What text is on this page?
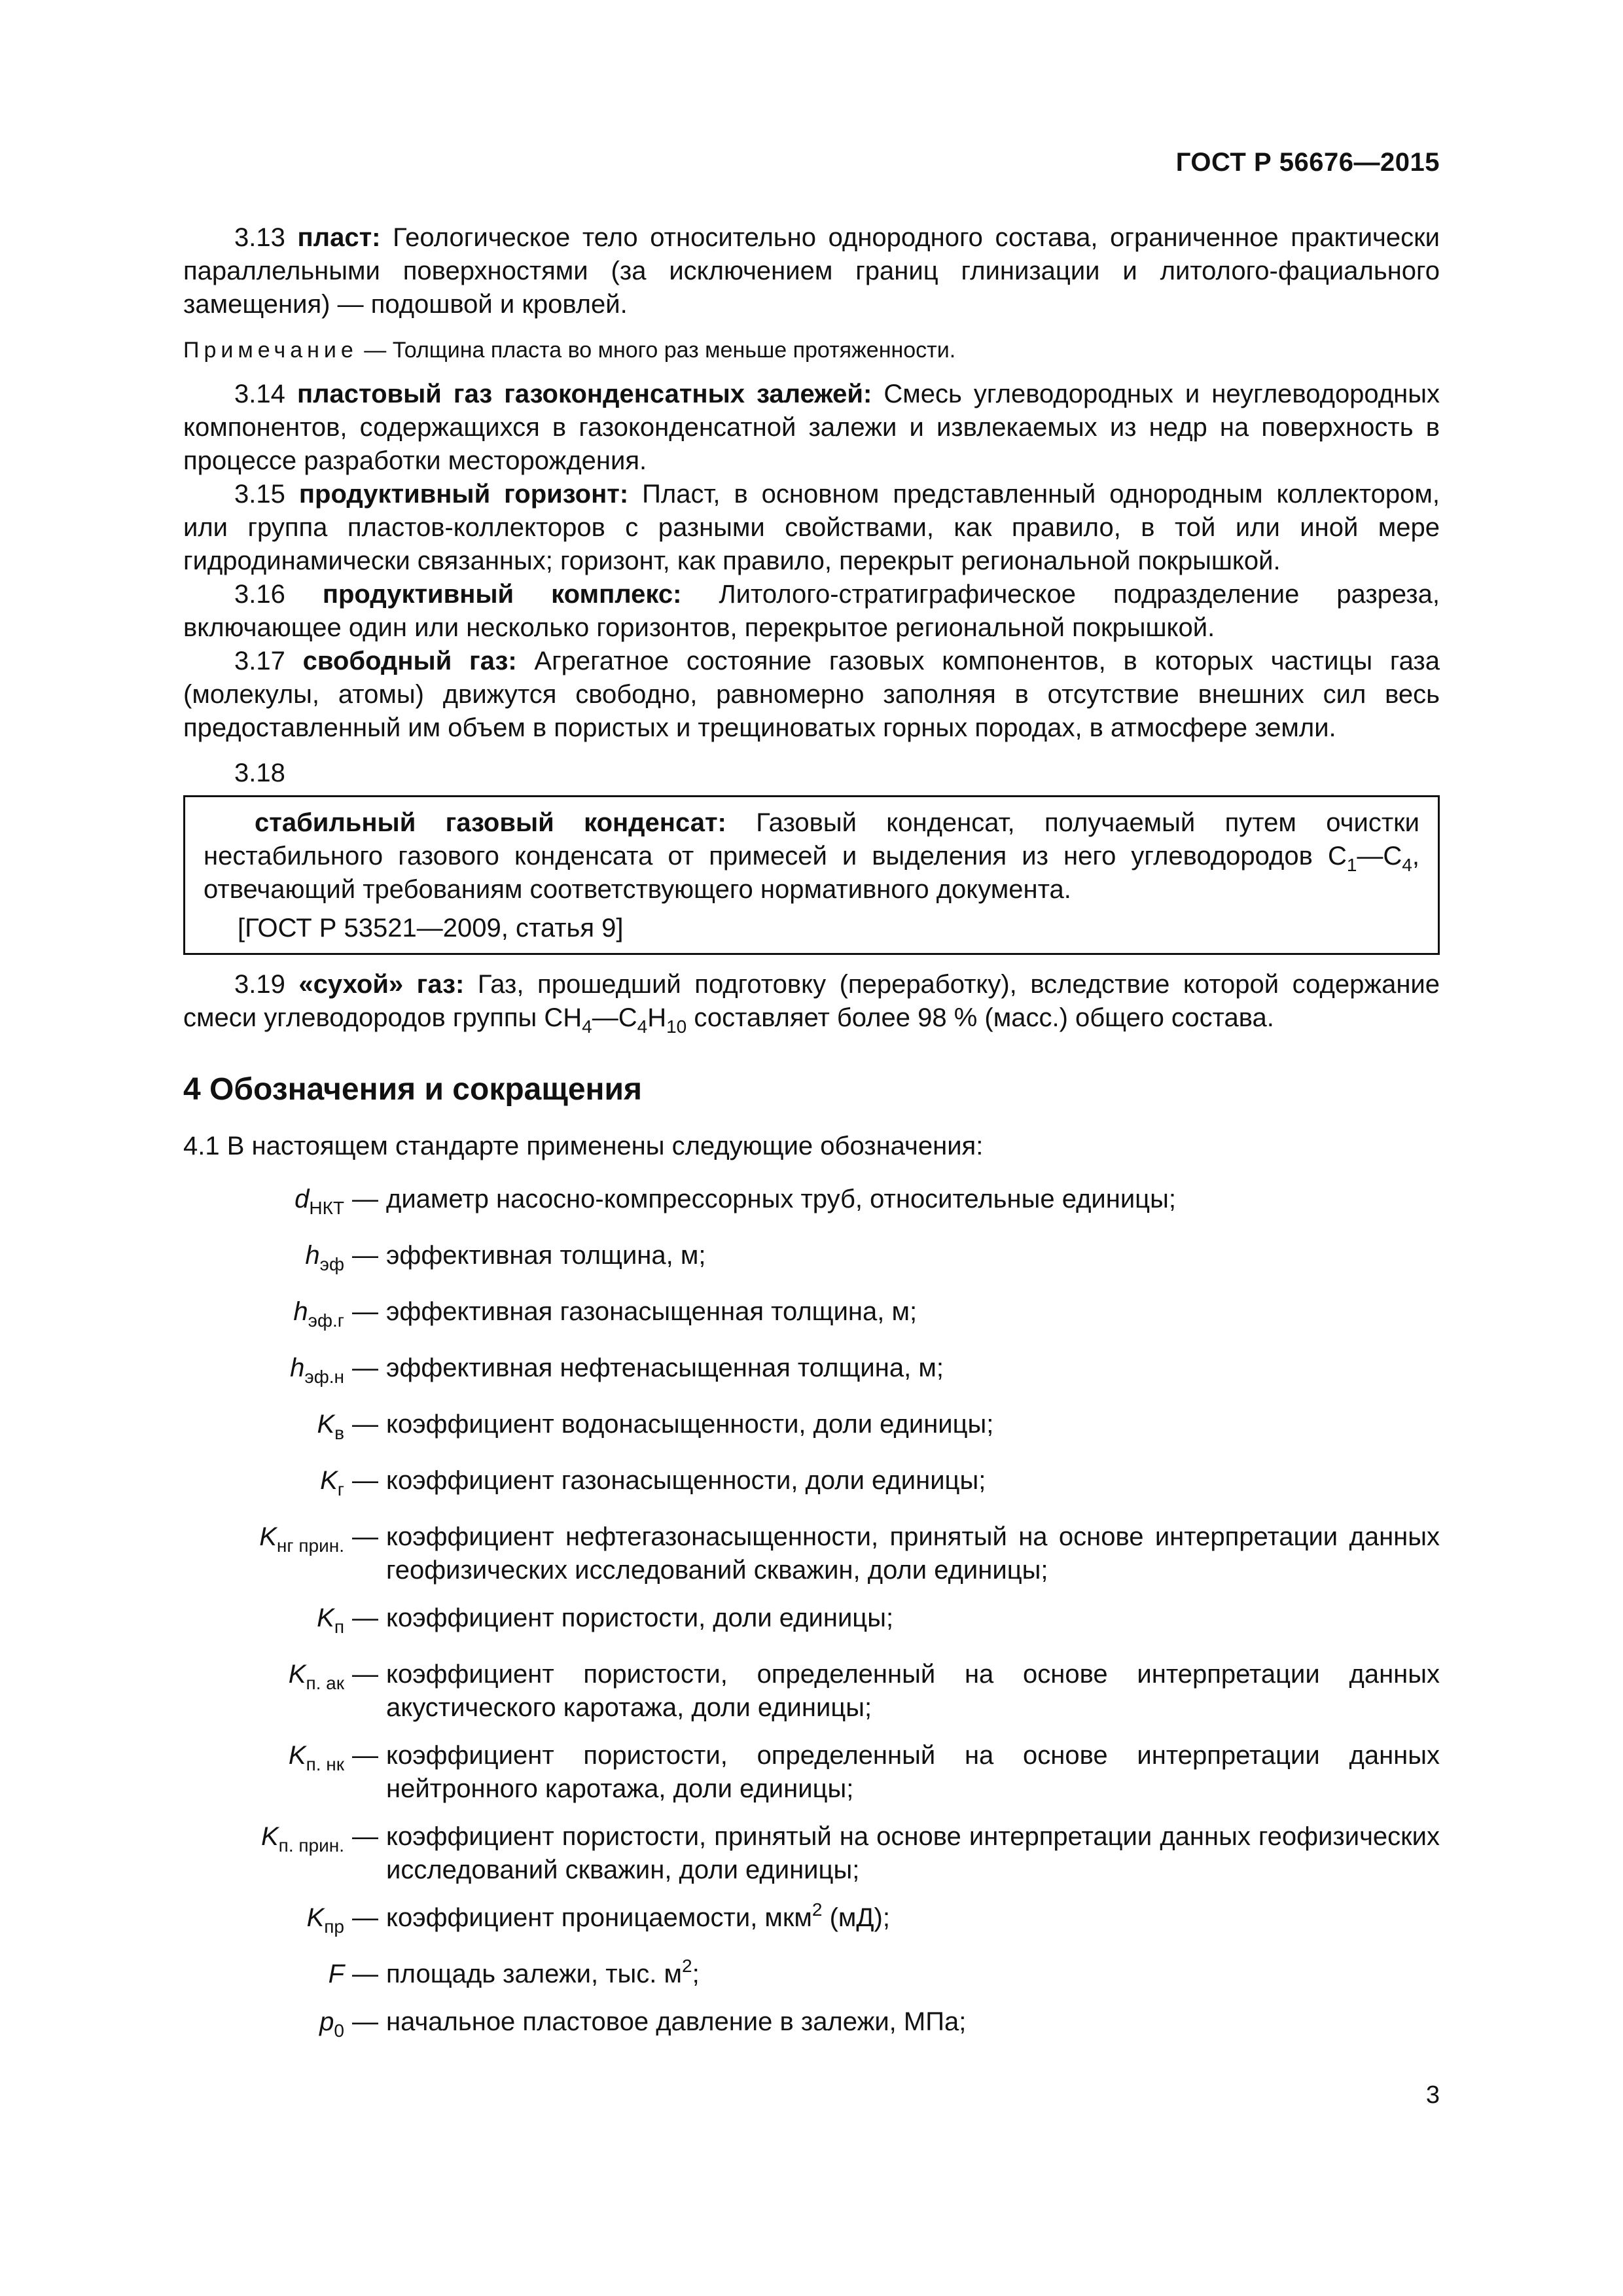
ГОСТ Р 56676—2015

3.13 пласт: Геологическое тело относительно однородного состава, ограниченное практически параллельными поверхностями (за исключением границ глинизации и литолого-фациального замещения) — подошвой и кровлей.

Примечание — Толщина пласта во много раз меньше протяженности.

3.14 пластовый газ газоконденсатных залежей: Смесь углеводородных и неуглеводородных компонентов, содержащихся в газоконденсатной залежи и извлекаемых из недр на поверхность в процессе разработки месторождения.

3.15 продуктивный горизонт: Пласт, в основном представленный однородным коллектором, или группа пластов-коллекторов с разными свойствами, как правило, в той или иной мере гидродинамически связанных; горизонт, как правило, перекрыт региональной покрышкой.

3.16 продуктивный комплекс: Литолого-стратиграфическое подразделение разреза, включающее один или несколько горизонтов, перекрытое региональной покрышкой.

3.17 свободный газ: Агрегатное состояние газовых компонентов, в которых частицы газа (молекулы, атомы) движутся свободно, равномерно заполняя в отсутствие внешних сил весь предоставленный им объем в пористых и трещиноватых горных породах, в атмосфере земли.

3.18

стабильный газовый конденсат: Газовый конденсат, получаемый путем очистки нестабильного газового конденсата от примесей и выделения из него углеводородов $С_1—С_4$, отвечающий требованиям соответствующего нормативного документа.

[ГОСТ Р 53521—2009, статья 9]

3.19 «сухой» газ: Газ, прошедший подготовку (переработку), вследствие которой содержание смеси углеводородов группы $СН_4—С_4Н_{10}$ составляет более 98 % (масс.) общего состава.

4 Обозначения и сокращения

4.1 В настоящем стандарте применены следующие обозначения:

$d_{НКТ}$ — диаметр насосно-компрессорных труб, относительные единицы;
$h_{эф}$ — эффективная толщина, м;
$h_{эф.г}$ — эффективная газонасыщенная толщина, м;
$h_{эф.н}$ — эффективная нефтенасыщенная толщина, м;
$K_в$ — коэффициент водонасыщенности, доли единицы;
$K_г$ — коэффициент газонасыщенности, доли единицы;
$K_{нг прин.}$ — коэффициент нефтегазонасыщенности, принятый на основе интерпретации данных геофизических исследований скважин, доли единицы;
$K_п$ — коэффициент пористости, доли единицы;
$K_{п. ак}$ — коэффициент пористости, определенный на основе интерпретации данных акустического каротажа, доли единицы;
$K_{п. нк}$ — коэффициент пористости, определенный на основе интерпретации данных нейтронного каротажа, доли единицы;
$K_{п. прин.}$ — коэффициент пористости, принятый на основе интерпретации данных геофизических исследований скважин, доли единицы;
$K_{пр}$ — коэффициент проницаемости, мкм$^2$ (мД);
F — площадь залежи, тыс. $м^2$;
$p_0$ — начальное пластовое давление в залежи, МПа;
3
